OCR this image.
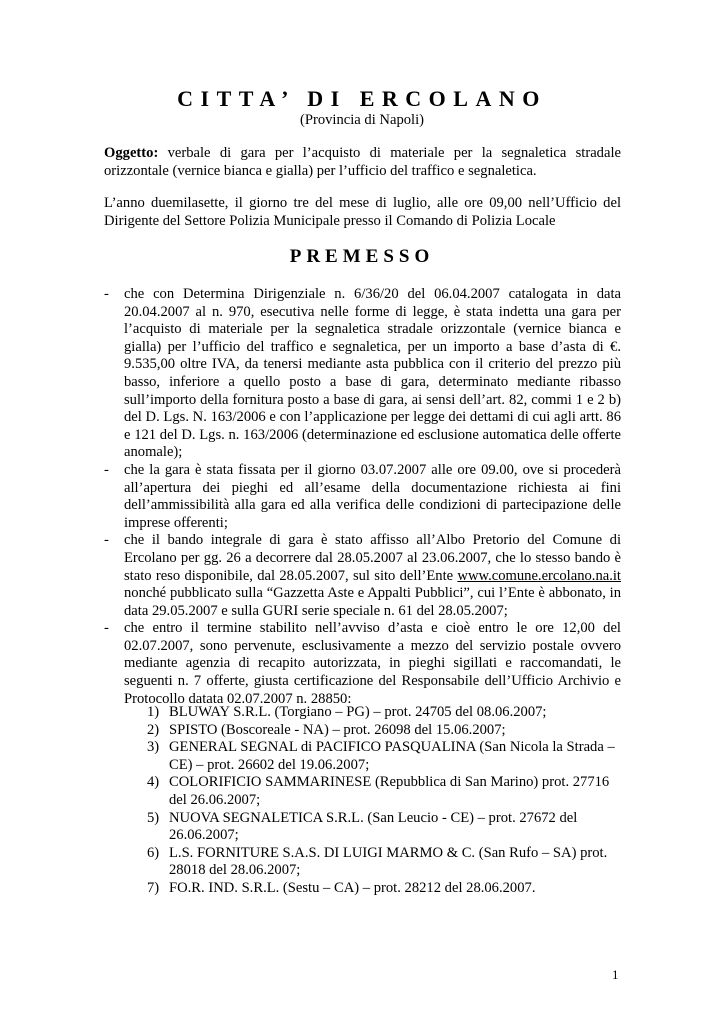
CITTA’ DI ERCOLANO
(Provincia di Napoli)
Oggetto: verbale di gara per l’acquisto di materiale per la segnaletica stradale orizzontale (vernice bianca e gialla) per l’ufficio del traffico e segnaletica.
L’anno duemilasette, il giorno tre del mese di luglio, alle ore 09,00 nell’Ufficio del Dirigente del Settore Polizia Municipale presso il Comando di Polizia Locale
PREMESSO
- che con Determina Dirigenziale n. 6/36/20 del 06.04.2007 catalogata in data 20.04.2007 al n. 970, esecutiva nelle forme di legge, è stata indetta una gara per l’acquisto di materiale per la segnaletica stradale orizzontale (vernice bianca e gialla) per l’ufficio del traffico e segnaletica, per un importo a base d’asta di €. 9.535,00 oltre IVA, da tenersi mediante asta pubblica con il criterio del prezzo più basso, inferiore a quello posto a base di gara, determinato mediante ribasso sull’importo della fornitura posto a base di gara, ai sensi dell’art. 82, commi 1 e 2 b) del D. Lgs. N. 163/2006 e con l’applicazione per legge dei dettami di cui agli artt. 86 e 121 del D. Lgs. n. 163/2006 (determinazione ed esclusione automatica delle offerte anomale);
- che la gara è stata fissata per il giorno 03.07.2007 alle ore 09.00, ove si procederà all’apertura dei pieghi ed all’esame della documentazione richiesta ai fini dell’ammissibilità alla gara ed alla verifica delle condizioni di partecipazione delle imprese offerenti;
- che il bando integrale di gara è stato affisso all’Albo Pretorio del Comune di Ercolano per gg. 26 a decorrere dal 28.05.2007 al 23.06.2007, che lo stesso bando è stato reso disponibile, dal 28.05.2007, sul sito dell’Ente www.comune.ercolano.na.it nonché pubblicato sulla “Gazzetta Aste e Appalti Pubblici”, cui l’Ente è abbonato, in data 29.05.2007 e sulla GURI serie speciale n. 61 del 28.05.2007;
- che entro il termine stabilito nell’avviso d’asta e cioè entro le ore 12,00 del 02.07.2007, sono pervenute, esclusivamente a mezzo del servizio postale ovvero mediante agenzia di recapito autorizzata, in pieghi sigillati e raccomandati, le seguenti n. 7 offerte, giusta certificazione del Responsabile dell’Ufficio Archivio e Protocollo datata 02.07.2007 n. 28850:
1) BLUWAY S.R.L. (Torgiano – PG) – prot. 24705 del 08.06.2007;
2) SPISTO (Boscoreale - NA) – prot. 26098 del 15.06.2007;
3) GENERAL SEGNAL di PACIFICO PASQUALINA (San Nicola la Strada – CE) – prot. 26602 del 19.06.2007;
4) COLORIFICIO SAMMARINESE (Repubblica di San Marino) prot. 27716 del 26.06.2007;
5) NUOVA SEGNALETICA S.R.L. (San Leucio - CE) – prot. 27672 del 26.06.2007;
6) L.S. FORNITURE S.A.S. DI LUIGI MARMO & C. (San Rufo – SA) prot. 28018 del 28.06.2007;
7) FO.R. IND. S.R.L. (Sestu – CA) – prot. 28212 del 28.06.2007.
1
